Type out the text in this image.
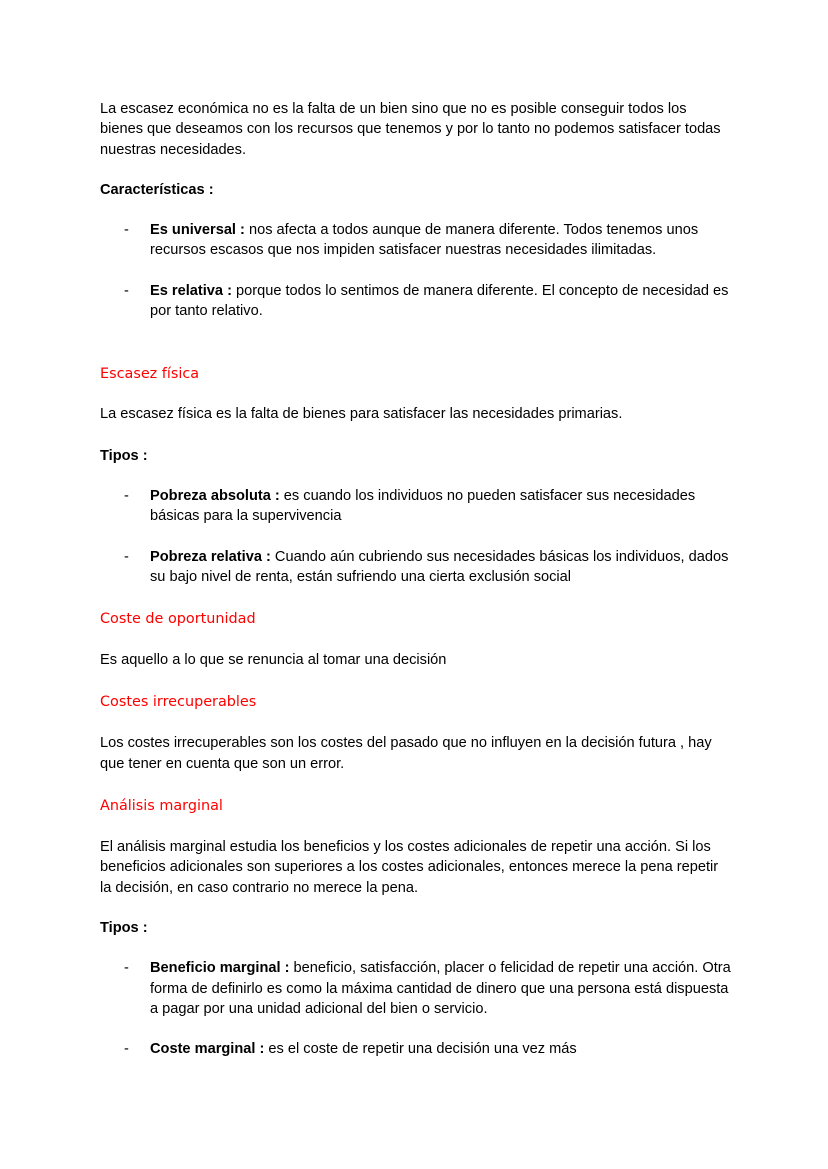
La escasez económica no es la falta de un bien sino que no es posible conseguir todos los bienes que deseamos con los recursos que tenemos y por lo tanto no podemos satisfacer todas nuestras necesidades.

Características :

- Es universal : nos afecta a todos aunque de manera diferente. Todos tenemos unos recursos escasos que nos impiden satisfacer nuestras necesidades ilimitadas.
- Es relativa : porque todos lo sentimos de manera diferente. El concepto de necesidad es por tanto relativo.

Escasez física

La escasez física es la falta de bienes para satisfacer las necesidades primarias.

Tipos :

- Pobreza absoluta : es cuando los individuos no pueden satisfacer sus necesidades básicas para la supervivencia
- Pobreza relativa : Cuando aún cubriendo sus necesidades básicas los individuos, dados su bajo nivel de renta, están sufriendo una cierta exclusión social

Coste de oportunidad

Es aquello a lo que se renuncia al tomar una decisión

Costes irrecuperables

Los costes irrecuperables son los costes del pasado que no influyen en la decisión futura , hay que tener en cuenta que son un error.

Análisis marginal

El análisis marginal estudia los beneficios y los costes adicionales de repetir una acción. Si los beneficios adicionales son superiores a los costes adicionales, entonces merece la pena repetir la decisión, en caso contrario no merece la pena.

Tipos :

- Beneficio marginal : beneficio, satisfacción, placer o felicidad de repetir una acción. Otra forma de definirlo es como la máxima cantidad de dinero que una persona está dispuesta a pagar por una unidad adicional del bien o servicio.
- Coste marginal : es el coste de repetir una decisión una vez más
